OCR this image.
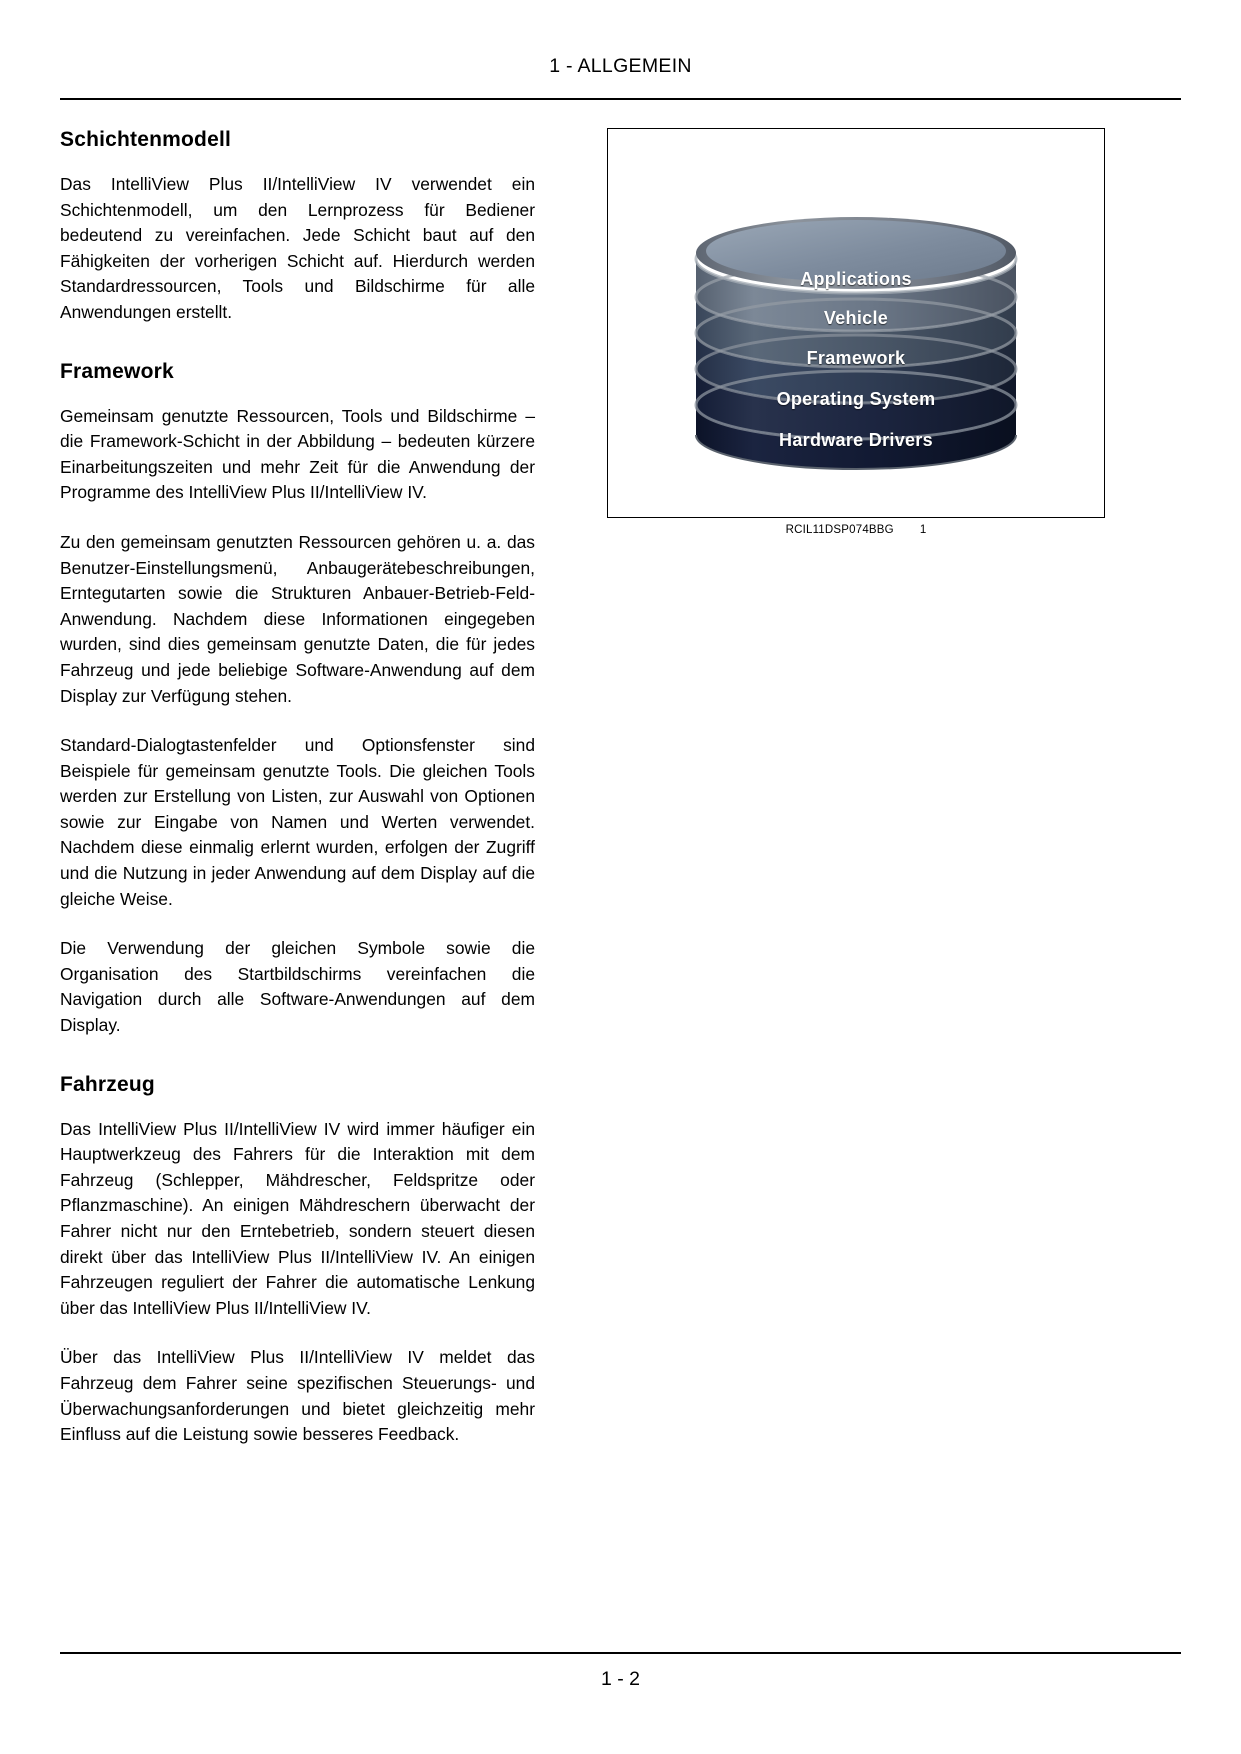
1 - ALLGEMEIN
Schichtenmodell

Das IntelliView Plus II/IntelliView IV verwendet ein Schichtenmodell, um den Lernprozess für Bediener bedeutend zu vereinfachen. Jede Schicht baut auf den Fähigkeiten der vorherigen Schicht auf. Hierdurch werden Standardressourcen, Tools und Bildschirme für alle Anwendungen erstellt.

Framework

Gemeinsam genutzte Ressourcen, Tools und Bildschirme – die Framework-Schicht in der Abbildung – bedeuten kürzere Einarbeitungszeiten und mehr Zeit für die Anwendung der Programme des IntelliView Plus II/IntelliView IV.

Zu den gemeinsam genutzten Ressourcen gehören u. a. das Benutzer-Einstellungsmenü, Anbaugerätebeschreibungen, Erntegutarten sowie die Strukturen Anbauer-Betrieb-Feld-Anwendung. Nachdem diese Informationen eingegeben wurden, sind dies gemeinsam genutzte Daten, die für jedes Fahrzeug und jede beliebige Software-Anwendung auf dem Display zur Verfügung stehen.

Standard-Dialogtastenfelder und Optionsfenster sind Beispiele für gemeinsam genutzte Tools. Die gleichen Tools werden zur Erstellung von Listen, zur Auswahl von Optionen sowie zur Eingabe von Namen und Werten verwendet. Nachdem diese einmalig erlernt wurden, erfolgen der Zugriff und die Nutzung in jeder Anwendung auf dem Display auf die gleiche Weise.

Die Verwendung der gleichen Symbole sowie die Organisation des Startbildschirms vereinfachen die Navigation durch alle Software-Anwendungen auf dem Display.

Fahrzeug

Das IntelliView Plus II/IntelliView IV wird immer häufiger ein Hauptwerkzeug des Fahrers für die Interaktion mit dem Fahrzeug (Schlepper, Mähdrescher, Feldspritze oder Pflanzmaschine). An einigen Mähdreschern überwacht der Fahrer nicht nur den Erntebetrieb, sondern steuert diesen direkt über das IntelliView Plus II/IntelliView IV. An einigen Fahrzeugen reguliert der Fahrer die automatische Lenkung über das IntelliView Plus II/IntelliView IV.

Über das IntelliView Plus II/IntelliView IV meldet das Fahrzeug dem Fahrer seine spezifischen Steuerungs- und Überwachungsanforderungen und bietet gleichzeitig mehr Einfluss auf die Leistung sowie besseres Feedback.

Applications
Vehicle
Framework
Operating System
Hardware Drivers
RCIL11DSP074BBG 1
1 - 2
